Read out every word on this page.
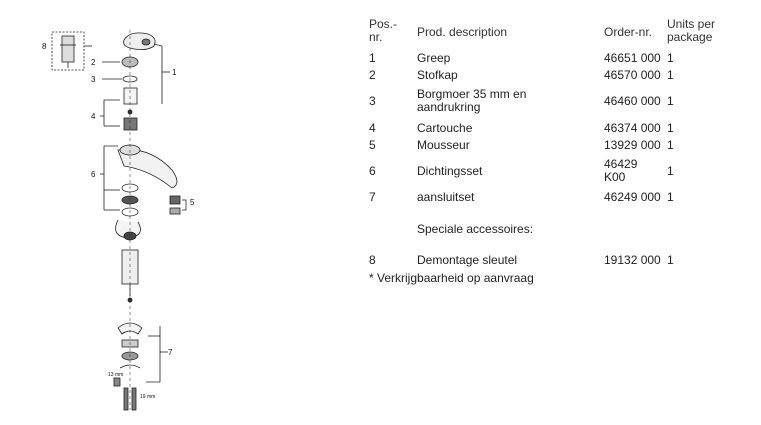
8
2
3
1
4
6
5
7
13 mm
19 mm
Pos.-
nr.	Prod. description	Order-nr.
Units per
package
1	Greep	46651 000 1
2	Stofkap	46570 000 1
3	Borgmoer 35 mm en
aandrukring	46460 000 1
4	Cartouche	46374 000 1
5	Mousseur	13929 000 1
6	Dichtingsset	46429
K00	1
7	aansluitset	46249 000 1
Speciale accessoires:
8	Demontage sleutel	19132 000 1
* Verkrijgbaarheid op aanvraag
